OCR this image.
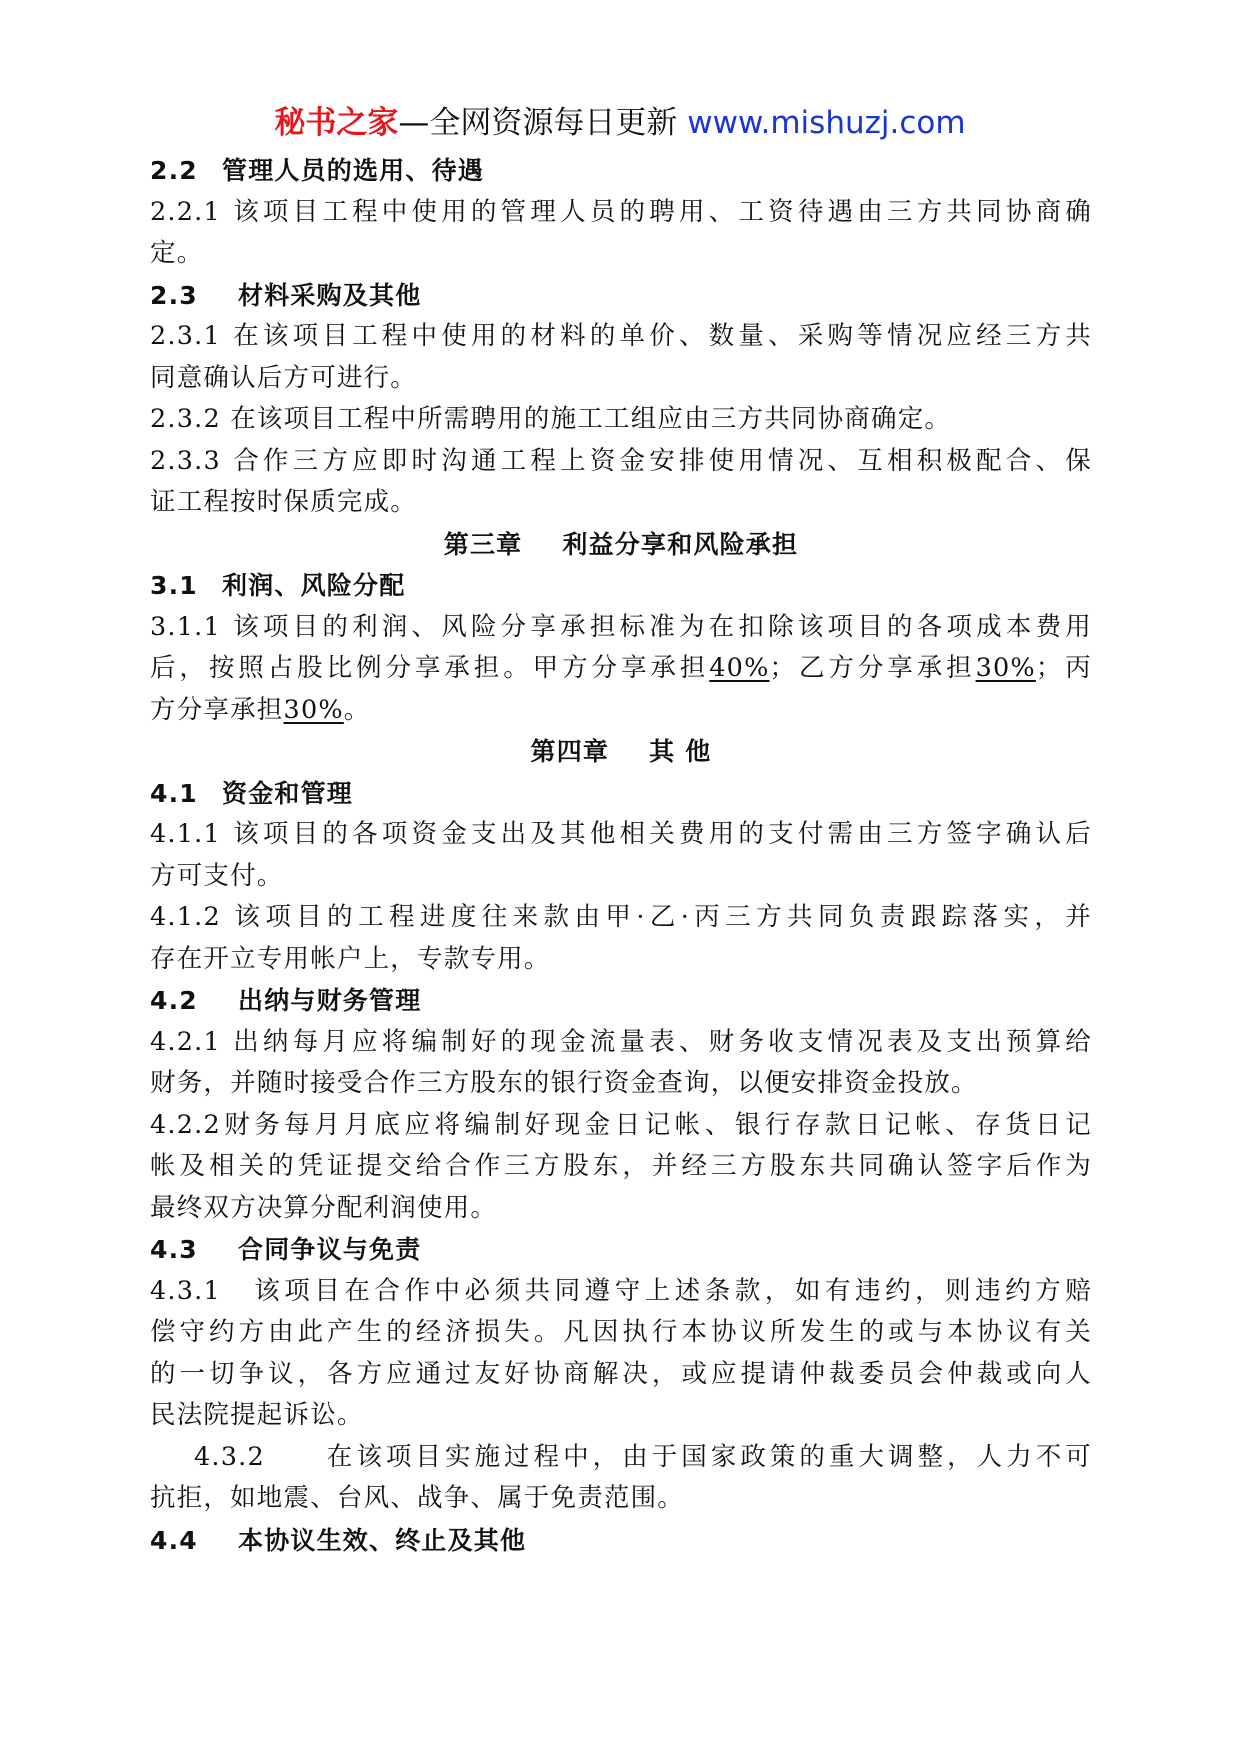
秘书之家—全网资源每日更新 www.mishuzj.com
2.2 管理人员的选用、待遇
2.2.1 该项目工程中使用的管理人员的聘用、工资待遇由三方共同协商确
定。
2.3 材料采购及其他
2.3.1 在该项目工程中使用的材料的单价、数量、采购等情况应经三方共
同意确认后方可进行。
2.3.2 在该项目工程中所需聘用的施工工组应由三方共同协商确定。
2.3.3 合作三方应即时沟通工程上资金安排使用情况、互相积极配合、保
证工程按时保质完成。
第三章 利益分享和风险承担
3.1 利润、风险分配
3.1.1 该项目的利润、风险分享承担标准为在扣除该项目的各项成本费用
后，按照占股比例分享承担。甲方分享承担40%；乙方分享承担30%；丙
方分享承担30%。
第四章 其 他
4.1 资金和管理
4.1.1 该项目的各项资金支出及其他相关费用的支付需由三方签字确认后
方可支付。
4.1.2 该项目的工程进度往来款由甲·乙·丙三方共同负责跟踪落实，并
存在开立专用帐户上，专款专用。
4.2 出纳与财务管理
4.2.1 出纳每月应将编制好的现金流量表、财务收支情况表及支出预算给
财务，并随时接受合作三方股东的银行资金查询，以便安排资金投放。
4.2.2财务每月月底应将编制好现金日记帐、银行存款日记帐、存货日记
帐及相关的凭证提交给合作三方股东，并经三方股东共同确认签字后作为
最终双方决算分配利润使用。
4.3 合同争议与免责
4.3.1　该项目在合作中必须共同遵守上述条款，如有违约，则违约方赔
偿守约方由此产生的经济损失。凡因执行本协议所发生的或与本协议有关
的一切争议，各方应通过友好协商解决，或应提请仲裁委员会仲裁或向人
民法院提起诉讼。
4.3.2　　在该项目实施过程中，由于国家政策的重大调整，人力不可
抗拒，如地震、台风、战争、属于免责范围。
4.4 本协议生效、终止及其他
